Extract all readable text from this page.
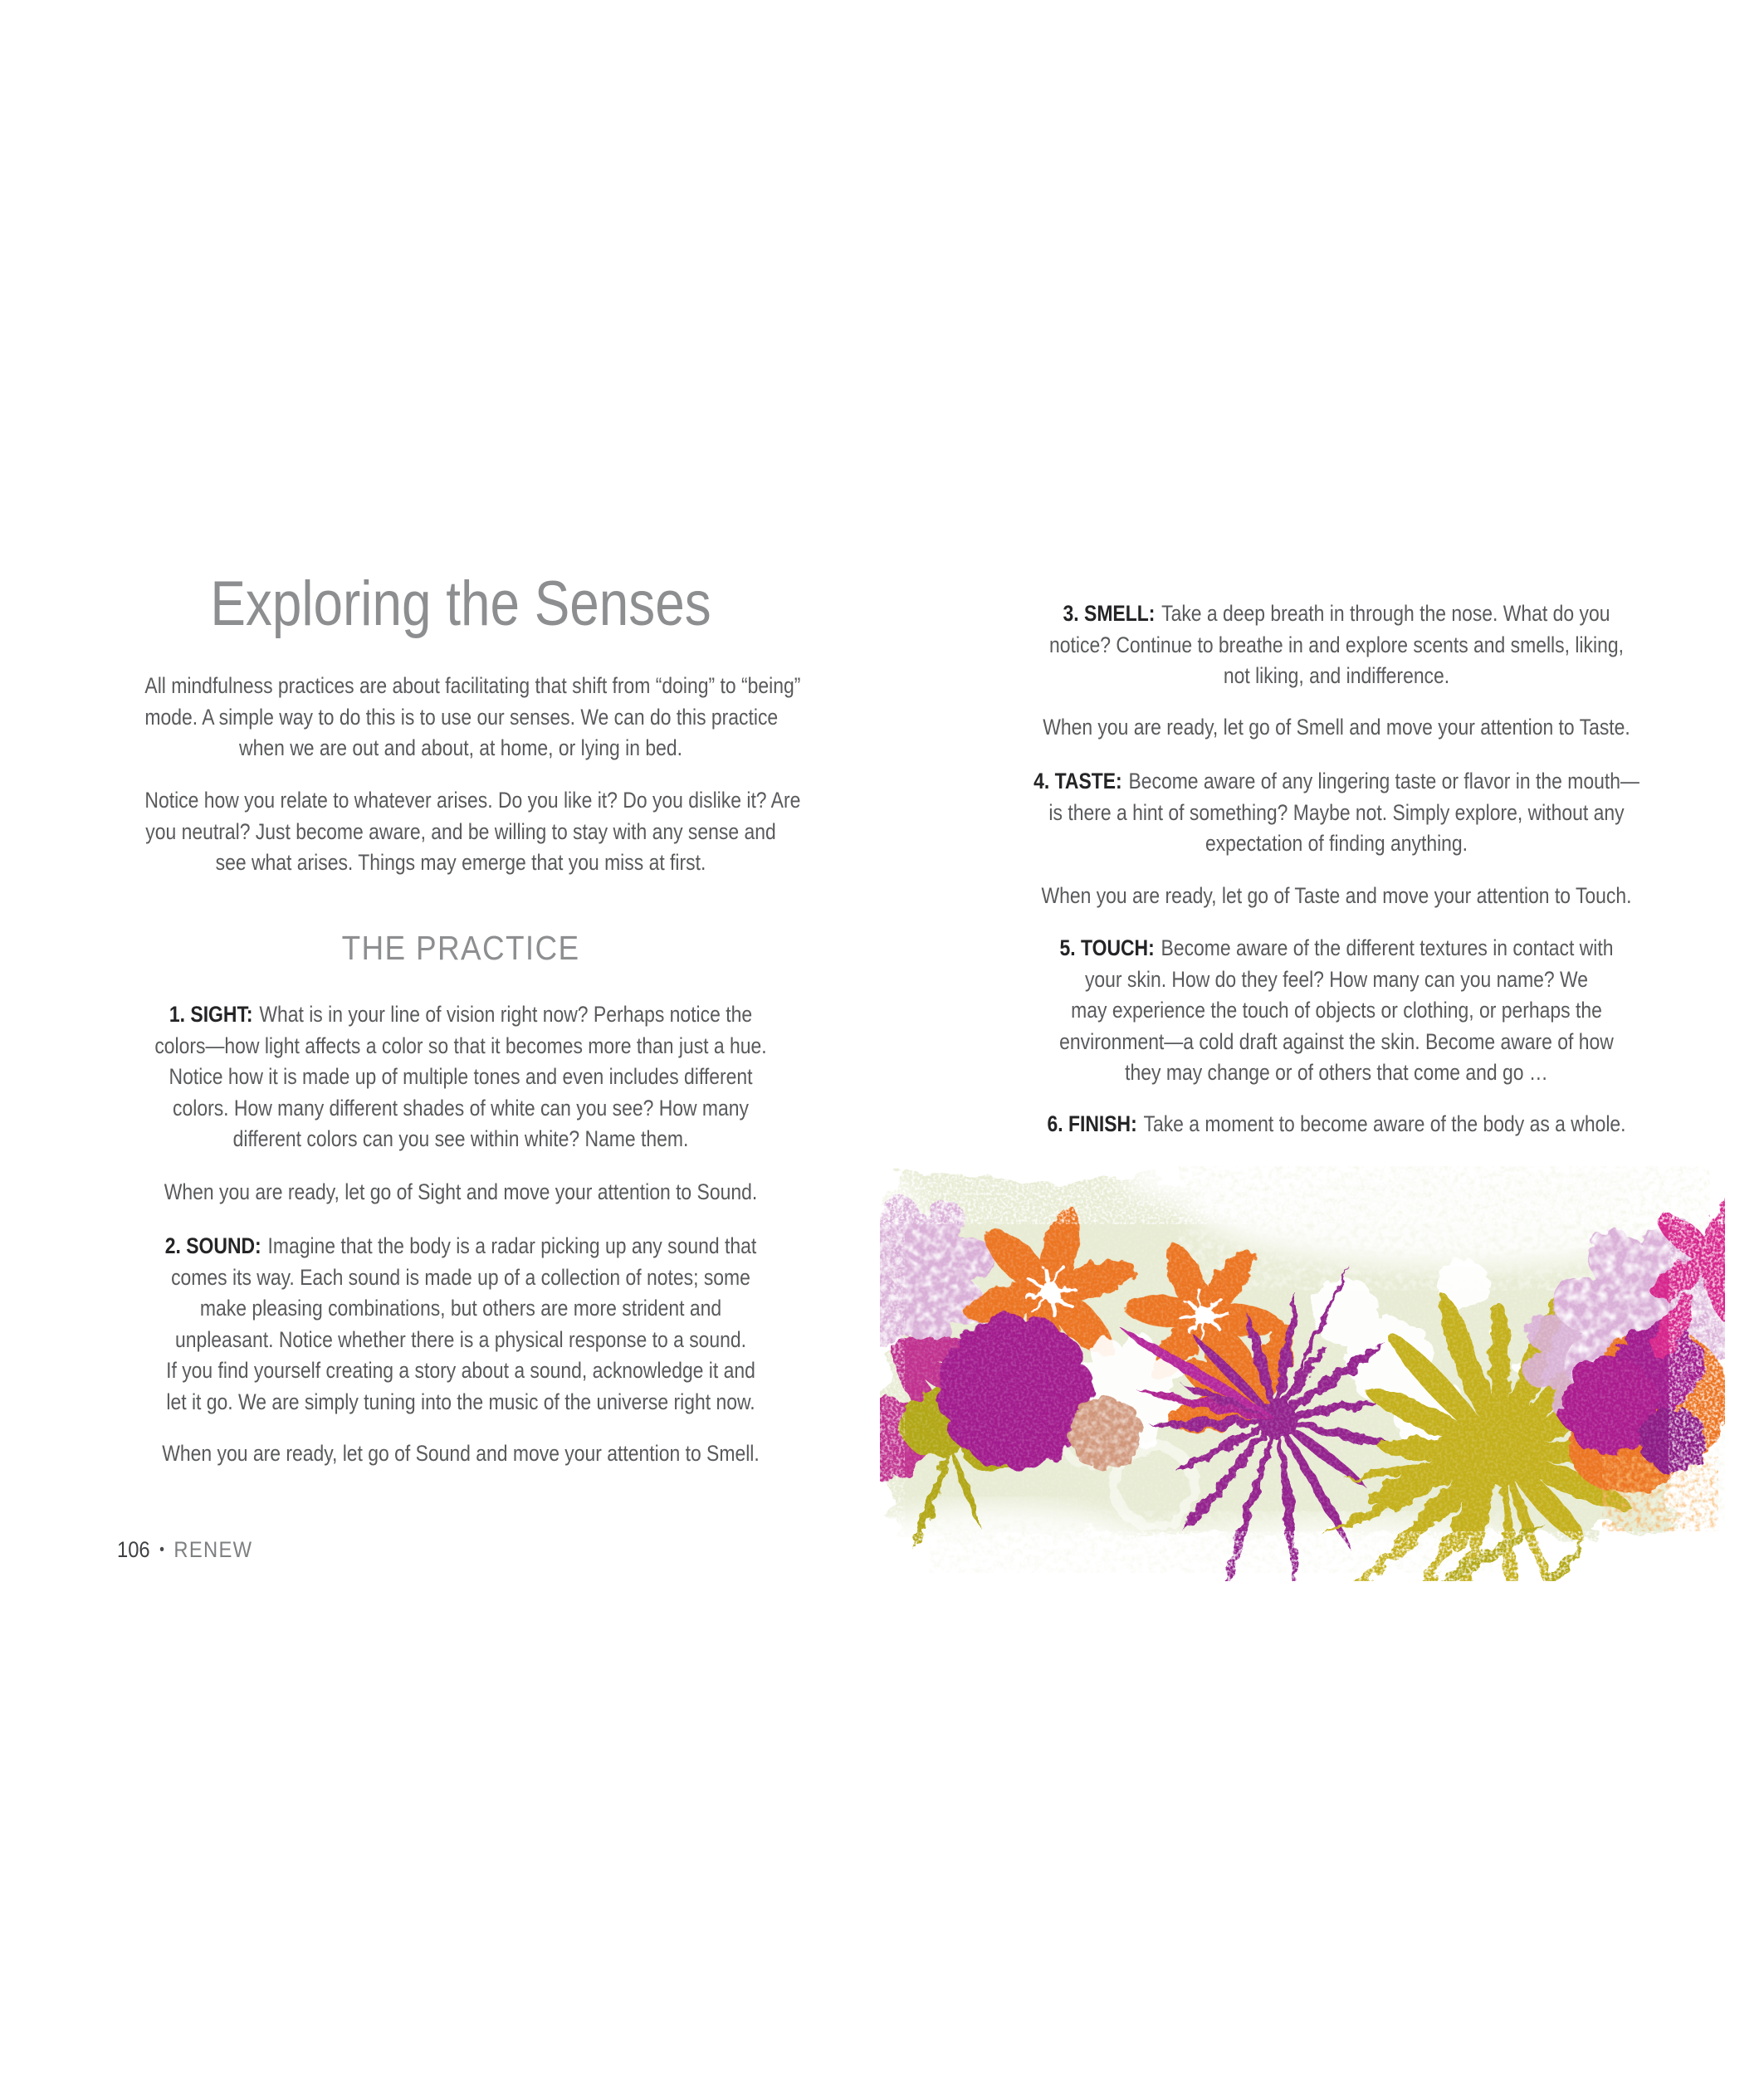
Exploring the Senses
All mindfulness practices are about facilitating that shift from “doing” to “being”
mode. A simple way to do this is to use our senses. We can do this practice
when we are out and about, at home, or lying in bed.
Notice how you relate to whatever arises. Do you like it? Do you dislike it? Are
you neutral? Just become aware, and be willing to stay with any sense and
see what arises. Things may emerge that you miss at first.
THE PRACTICE
1. SIGHT: What is in your line of vision right now? Perhaps notice the
colors—how light affects a color so that it becomes more than just a hue.
Notice how it is made up of multiple tones and even includes different
colors. How many different shades of white can you see? How many
different colors can you see within white? Name them.
When you are ready, let go of Sight and move your attention to Sound.
2. SOUND: Imagine that the body is a radar picking up any sound that
comes its way. Each sound is made up of a collection of notes; some
make pleasing combinations, but others are more strident and
unpleasant. Notice whether there is a physical response to a sound.
If you find yourself creating a story about a sound, acknowledge it and
let it go. We are simply tuning into the music of the universe right now.
When you are ready, let go of Sound and move your attention to Smell.
106 • RENEW
3. SMELL: Take a deep breath in through the nose. What do you
notice? Continue to breathe in and explore scents and smells, liking,
not liking, and indifference.
When you are ready, let go of Smell and move your attention to Taste.
4. TASTE: Become aware of any lingering taste or flavor in the mouth—
is there a hint of something? Maybe not. Simply explore, without any
expectation of finding anything.
When you are ready, let go of Taste and move your attention to Touch.
5. TOUCH: Become aware of the different textures in contact with
your skin. How do they feel? How many can you name? We
may experience the touch of objects or clothing, or perhaps the
environment—a cold draft against the skin. Become aware of how
they may change or of others that come and go …
6. FINISH: Take a moment to become aware of the body as a whole.
